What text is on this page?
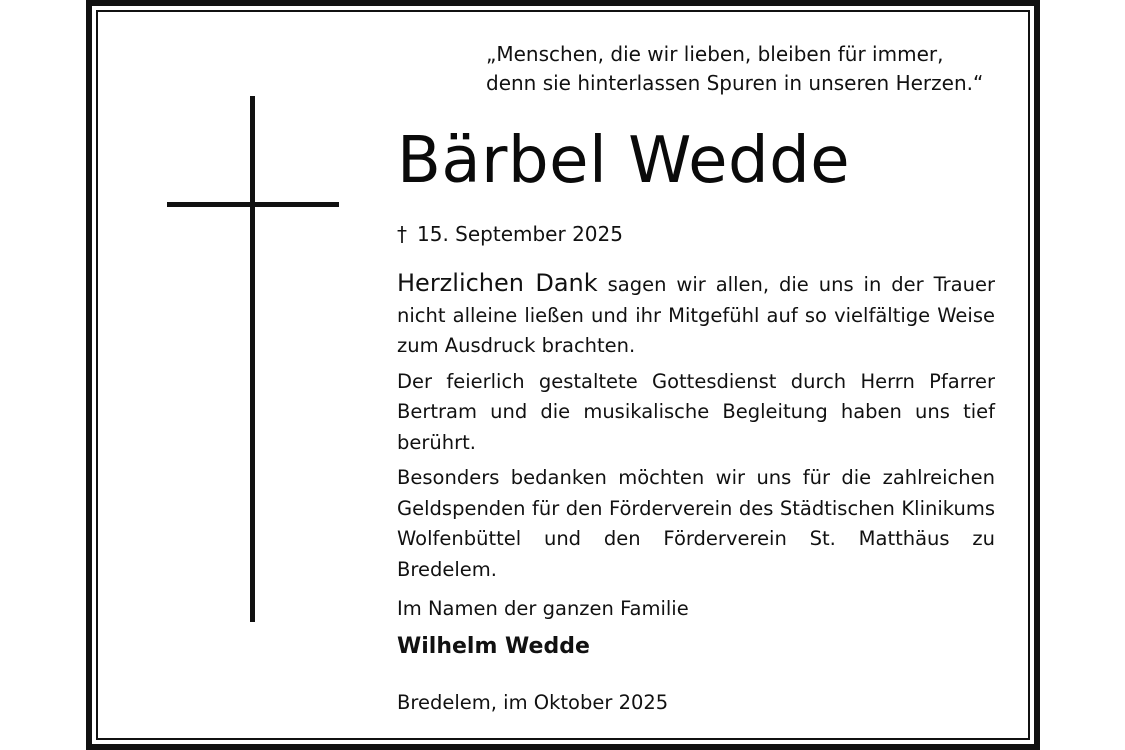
„Menschen, die wir lieben, bleiben für immer,
denn sie hinterlassen Spuren in unseren Herzen.“
Bärbel Wedde
† 15. September 2025

Herzlichen Dank sagen wir allen, die uns in der Trauer nicht alleine ließen und ihr Mitgefühl auf so vielfältige Weise zum Ausdruck brachten.

Der feierlich gestaltete Gottesdienst durch Herrn Pfarrer Bertram und die musikalische Begleitung haben uns tief berührt.

Besonders bedanken möchten wir uns für die zahlreichen Geldspenden für den Förderverein des Städtischen Klinikums Wolfenbüttel und den Förderverein St. Matthäus zu Bredelem.

Im Namen der ganzen Familie
Wilhelm Wedde
Bredelem, im Oktober 2025
